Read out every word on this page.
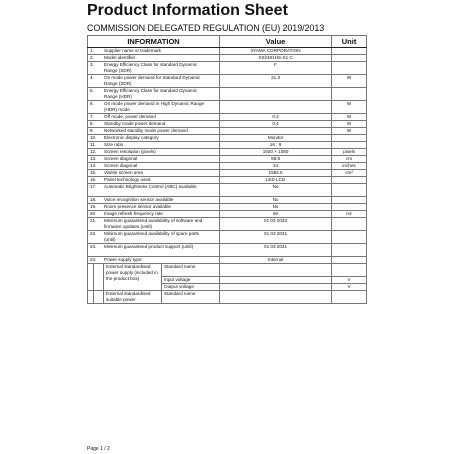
Product Information Sheet
COMMISSION DELEGATED REGULATION (EU) 2019/2013
INFORMATION				Value	Unit
1. Supplier name or trademark				IIYAMA CORPORATION	
2. Model identifier				XS2481HS-S1 C	
3. Energy Efficiency Class for standard Dynamic Range (SDR)				F	
4. On mode power demand for Standard Dynamic Range (SDR)				21.3	W
5. Energy Efficiency Class for standard Dynamic Range (HDR)					
6. On mode power demand in High Dynamic Range (HDR) mode					W
7. Off mode, power demand				0.3	W
8. Standby mode power demand				0.4	W
9. Networked standby mode power demand					W
10. Electronic display category				Monitor	
11. Size ratio				16 : 9	
12. Screen resolution (pixels)				1920 × 1080	pixels
13. Screen diagonal				59.8	cm
14. Screen diagonal				24	inches
15. Visible screen area				1582.5	cm²
16. Panel technology used				LED LCD	
17. Automatic Brightness Control (ABC) available				No	
18. Voice recognition sensor available				No	
19. Room presence sensor available				No	
20. Image refresh frequency rate				60	Hz
21. Minimum guaranteed availability of software and firmware updates (until)				01 03 2032	
22. Minimum guaranteed availability of spare parts (until)				01 03 2031	
23. Minimum guaranteed product support (until)				01 03 2031	
24. Power supply type:				Internal	
		External standardised power supply (included in the product box)	Standard name		
			Input voltage		V
			Output voltage		V
		External standardised suitable power	Standard name		
Page 1 / 2
